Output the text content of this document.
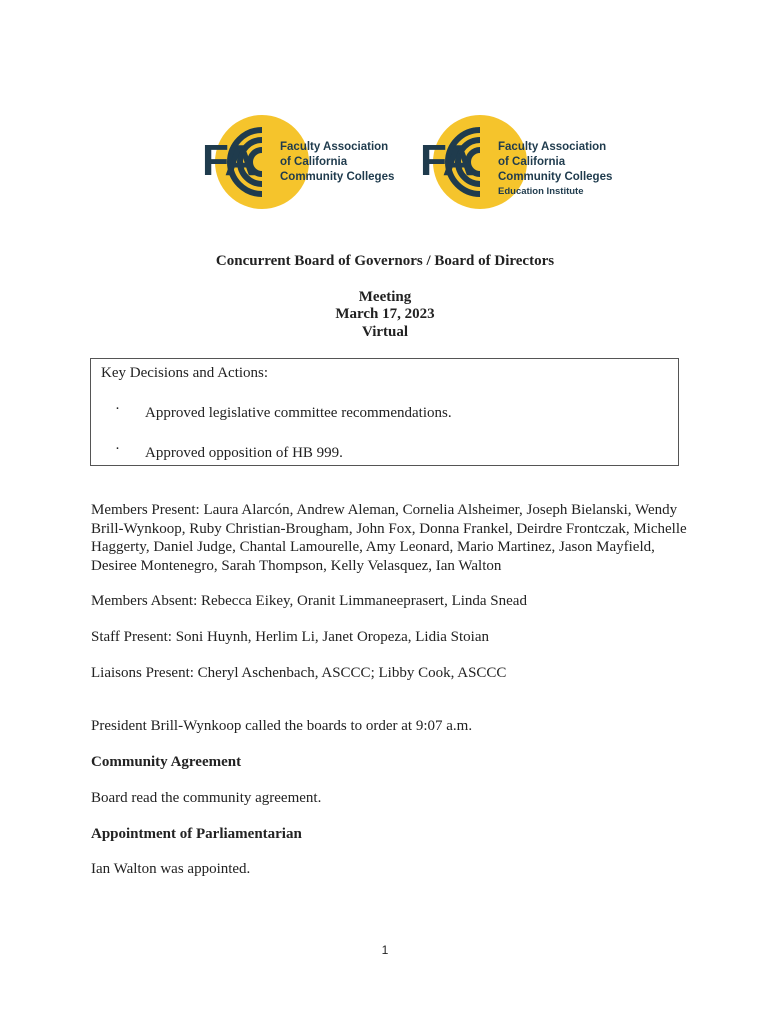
FA Faculty Association
of California
Community Colleges FA Faculty Association
of California
Community Colleges
Education Institute
Concurrent Board of Governors / Board of Directors
Meeting
March 17, 2023
Virtual
Key Decisions and Actions:
· Approved legislative committee recommendations.
· Approved opposition of HB 999.
Members Present: Laura Alarcón, Andrew Aleman, Cornelia Alsheimer, Joseph Bielanski, Wendy Brill-Wynkoop, Ruby Christian-Brougham, John Fox, Donna Frankel, Deirdre Frontczak, Michelle Haggerty, Daniel Judge, Chantal Lamourelle, Amy Leonard, Mario Martinez, Jason Mayfield, Desiree Montenegro, Sarah Thompson, Kelly Velasquez, Ian Walton
Members Absent: Rebecca Eikey, Oranit Limmaneeprasert, Linda Snead
Staff Present: Soni Huynh, Herlim Li, Janet Oropeza, Lidia Stoian
Liaisons Present: Cheryl Aschenbach, ASCCC; Libby Cook, ASCCC
President Brill-Wynkoop called the boards to order at 9:07 a.m.
Community Agreement
Board read the community agreement.
Appointment of Parliamentarian
Ian Walton was appointed.
1
